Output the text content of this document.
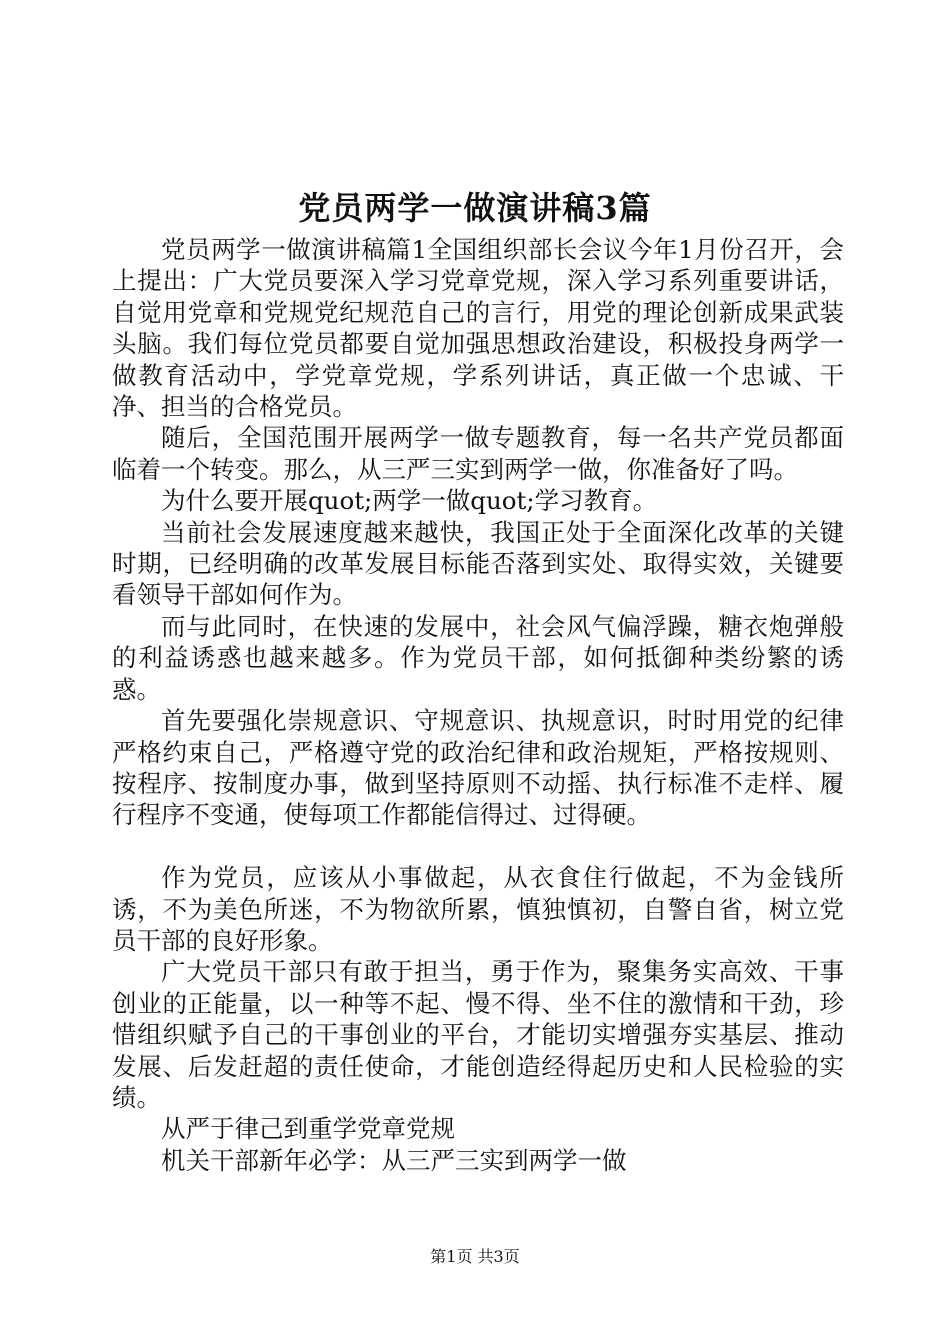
党员两学一做演讲稿3篇

党员两学一做演讲稿篇1全国组织部长会议今年1月份召开，会上提出：广大党员要深入学习党章党规，深入学习系列重要讲话，自觉用党章和党规党纪规范自己的言行，用党的理论创新成果武装头脑。我们每位党员都要自觉加强思想政治建设，积极投身两学一做教育活动中，学党章党规，学系列讲话，真正做一个忠诚、干净、担当的合格党员。

随后，全国范围开展两学一做专题教育，每一名共产党员都面临着一个转变。那么，从三严三实到两学一做，你准备好了吗。

为什么要开展quot;两学一做quot;学习教育。

当前社会发展速度越来越快，我国正处于全面深化改革的关键时期，已经明确的改革发展目标能否落到实处、取得实效，关键要看领导干部如何作为。

而与此同时，在快速的发展中，社会风气偏浮躁，糖衣炮弹般的利益诱惑也越来越多。作为党员干部，如何抵御种类纷繁的诱惑。

首先要强化崇规意识、守规意识、执规意识，时时用党的纪律严格约束自己，严格遵守党的政治纪律和政治规矩，严格按规则、按程序、按制度办事，做到坚持原则不动摇、执行标准不走样、履行程序不变通，使每项工作都能信得过、过得硬。

作为党员，应该从小事做起，从衣食住行做起，不为金钱所诱，不为美色所迷，不为物欲所累，慎独慎初，自警自省，树立党员干部的良好形象。

广大党员干部只有敢于担当，勇于作为，聚集务实高效、干事创业的正能量，以一种等不起、慢不得、坐不住的激情和干劲，珍惜组织赋予自己的干事创业的平台，才能切实增强夯实基层、推动发展、后发赶超的责任使命，才能创造经得起历史和人民检验的实绩。

从严于律己到重学党章党规

机关干部新年必学：从三严三实到两学一做

第1页 共3页
